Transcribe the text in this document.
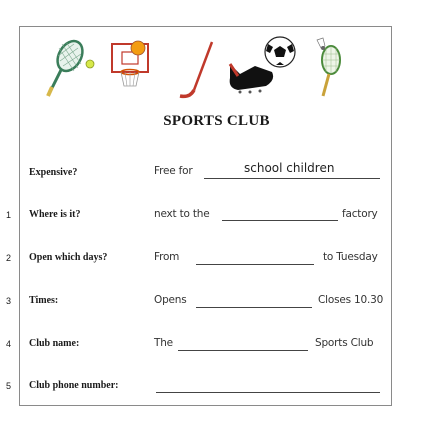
SPORTS CLUB
Expensive?	Free for	school children
1 Where is it?	next to the	factory
2 Open which days?	From	to Tuesday
3 Times:	Opens	Closes 10.30
4 Club name:	The	Sports Club
5 Club phone number:
